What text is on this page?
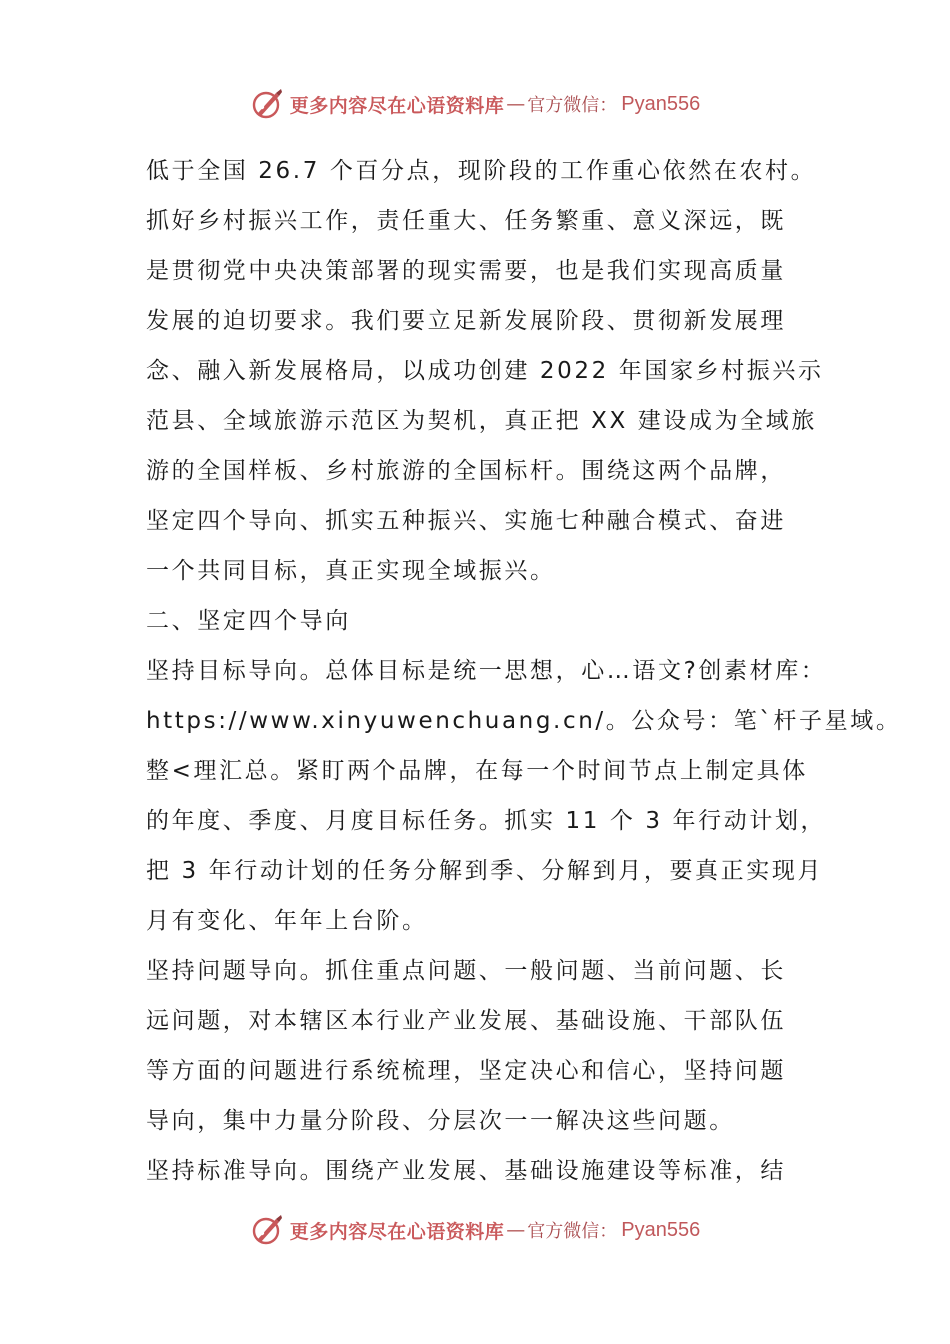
更多内容尽在心语资料库 — 官方微信： Pyan556
低于全国 26.7 个百分点，现阶段的工作重心依然在农村。
抓好乡村振兴工作，责任重大、任务繁重、意义深远，既
是贯彻党中央决策部署的现实需要，也是我们实现高质量
发展的迫切要求。我们要立足新发展阶段、贯彻新发展理
念、融入新发展格局，以成功创建 2022 年国家乡村振兴示
范县、全域旅游示范区为契机，真正把 XX 建设成为全域旅
游的全国样板、乡村旅游的全国标杆。围绕这两个品牌，
坚定四个导向、抓实五种振兴、实施七种融合模式、奋进
一个共同目标，真正实现全域振兴。
二、坚定四个导向
坚持目标导向。总体目标是统一思想，心…语文?创素材库：
https://www.xinyuwenchuang.cn/。公众号：笔`杆子星域。
整<理汇总。紧盯两个品牌，在每一个时间节点上制定具体
的年度、季度、月度目标任务。抓实 11 个 3 年行动计划，
把 3 年行动计划的任务分解到季、分解到月，要真正实现月
月有变化、年年上台阶。
坚持问题导向。抓住重点问题、一般问题、当前问题、长
远问题，对本辖区本行业产业发展、基础设施、干部队伍
等方面的问题进行系统梳理，坚定决心和信心，坚持问题
导向，集中力量分阶段、分层次一一解决这些问题。
坚持标准导向。围绕产业发展、基础设施建设等标准，结
更多内容尽在心语资料库 — 官方微信： Pyan556
